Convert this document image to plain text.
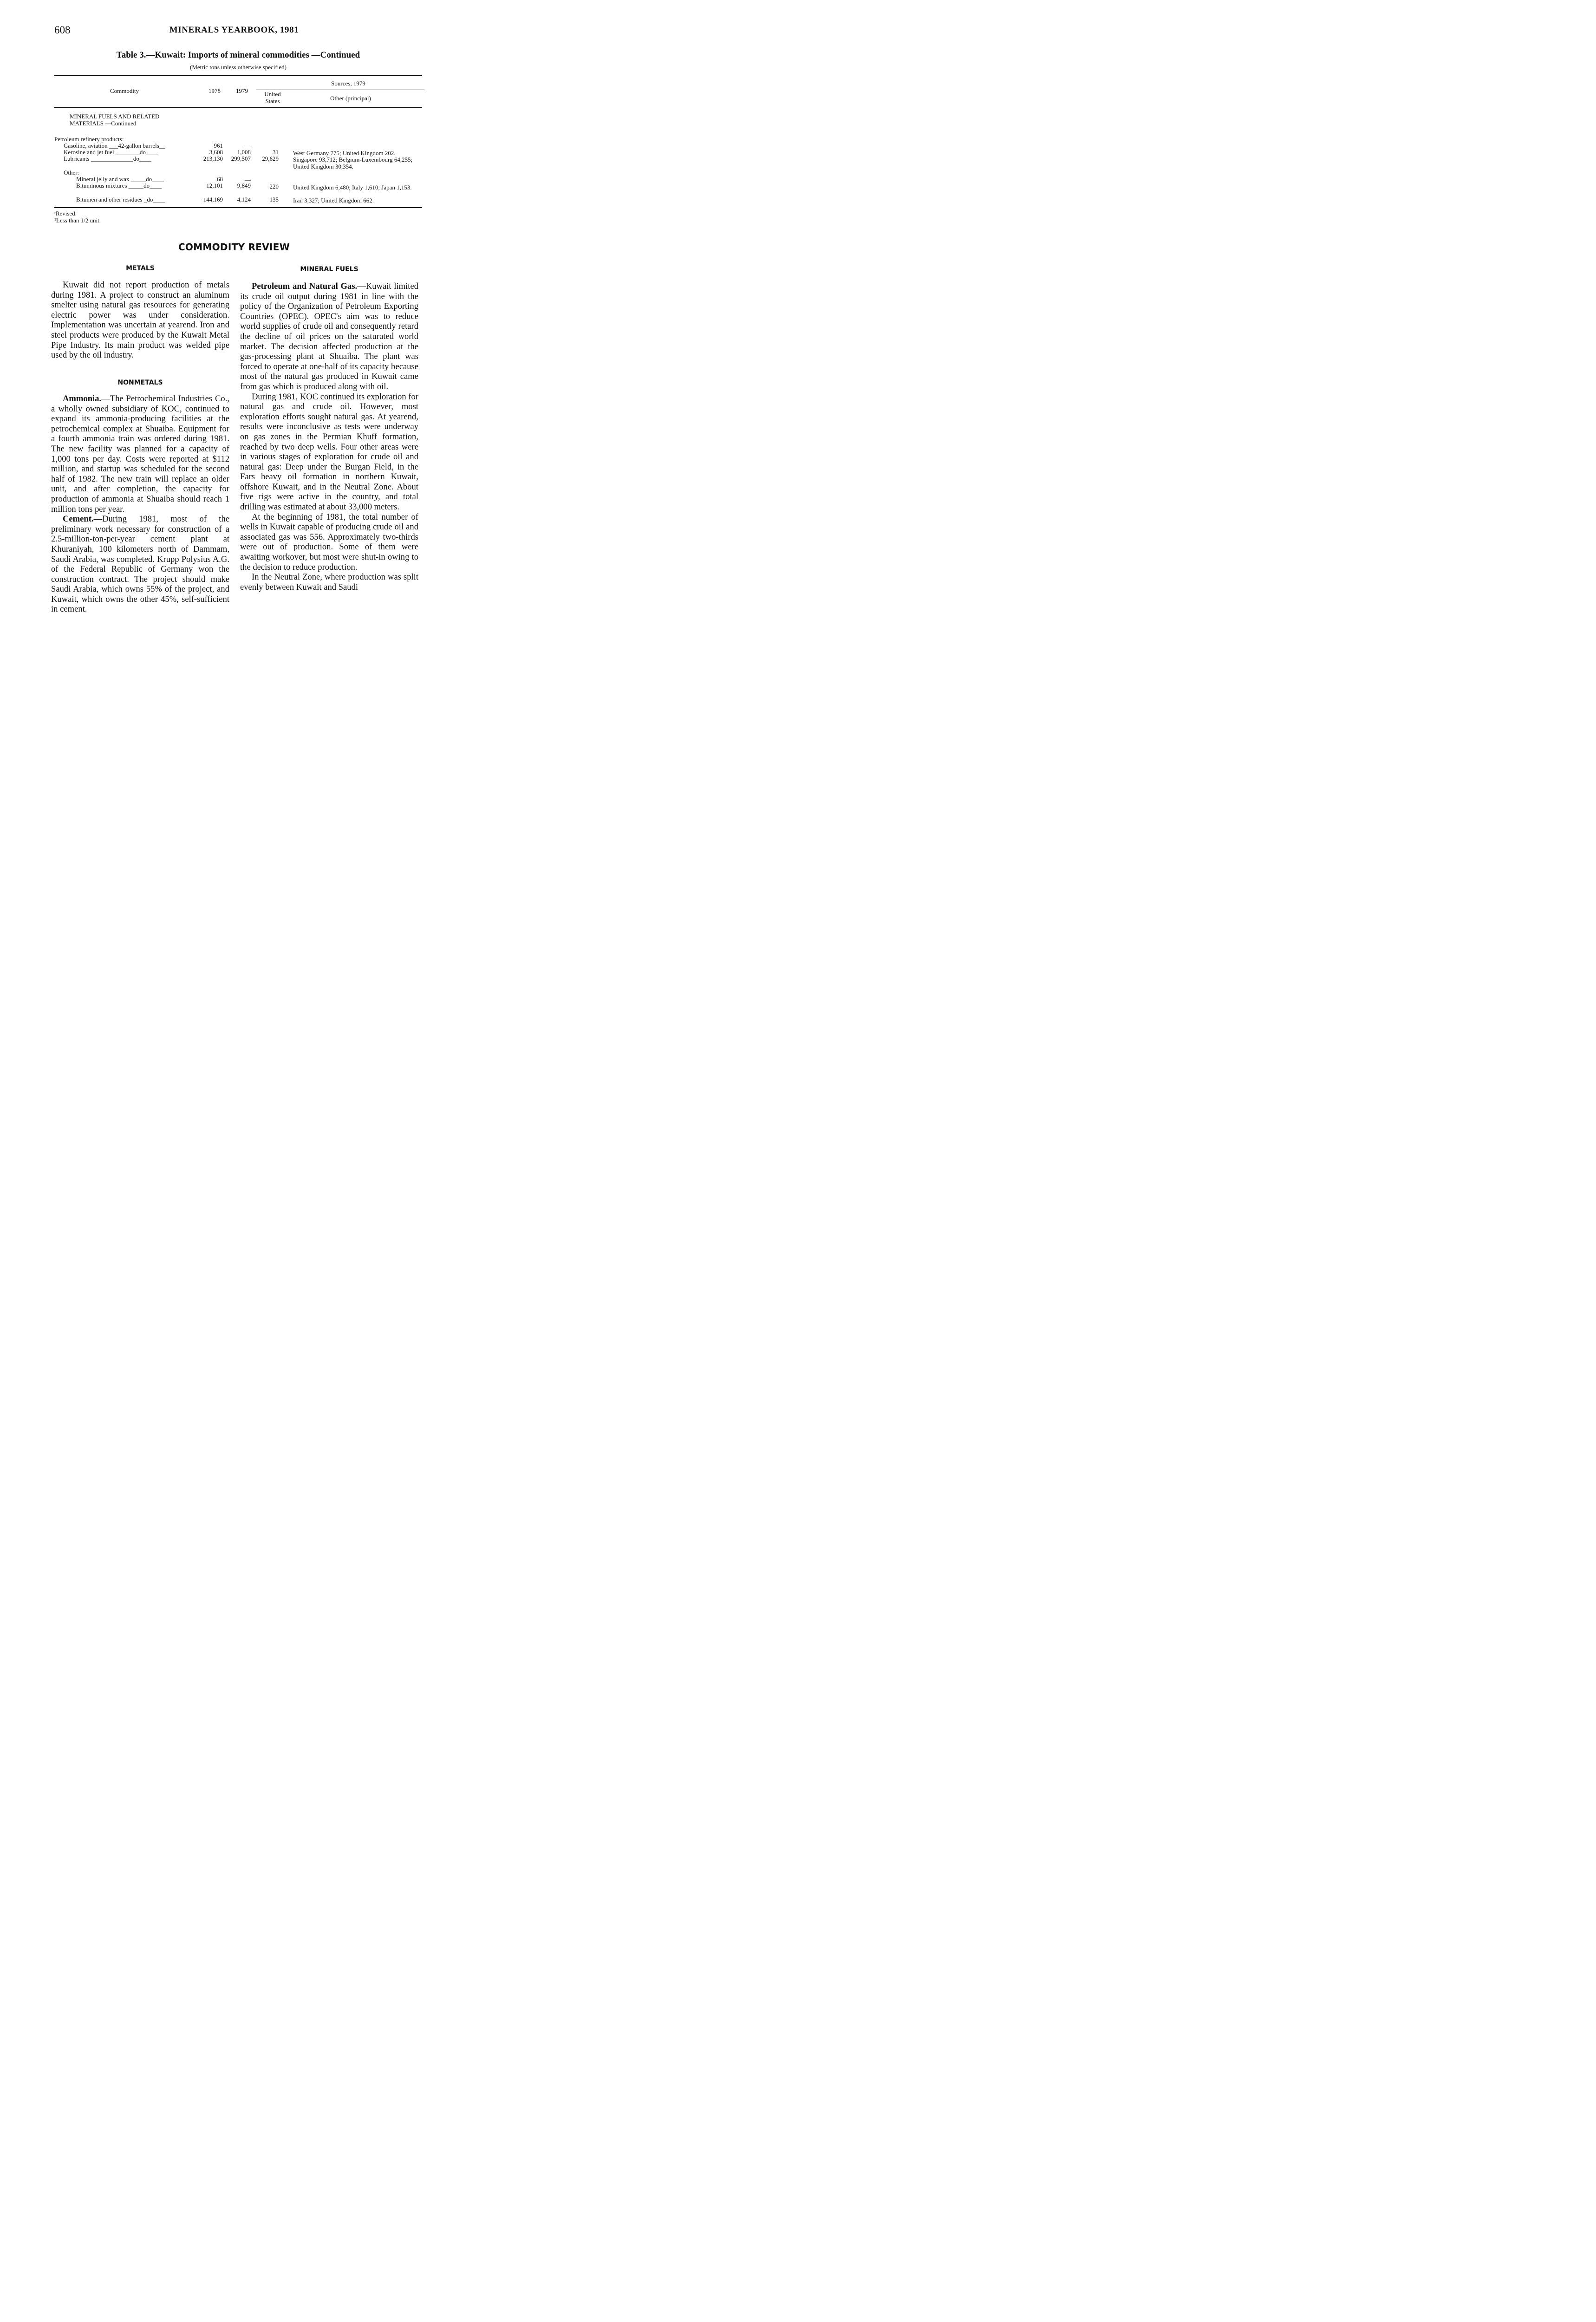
608	MINERALS YEARBOOK, 1981
Table 3.—Kuwait: Imports of mineral commodities —Continued
(Metric tons unless otherwise specified)
Commodity	1978	1979
Sources, 1979
United States	Other (principal)
MINERAL FUELS AND RELATED MATERIALS —Continued
Petroleum refinery products:
Gasoline, aviation ___42-gallon barrels__	961	__
Kerosine and jet fuel ________do____	3,608	1,008	31 West Germany 775; United Kingdom 202.
Lubricants ______________do____	213,130	299,507	29,629 Singapore 93,712; Belgium-Luxembourg 64,255; United Kingdom 30,354.
Other:
Mineral jelly and wax _____do____	68	__
Bituminous mixtures _____do____	12,101	9,849	220 United Kingdom 6,480; Italy 1,610; Japan 1,153.
Bitumen and other residues _do____	144,169	4,124	135 Iran 3,327; United Kingdom 662.
ʳRevised.
¹Less than 1/2 unit.
COMMODITY REVIEW
METALS	MINERAL FUELS

Kuwait did not report production of metals during 1981. A project to construct an aluminum smelter using natural gas resources for generating electric power was under consideration. Implementation was uncertain at yearend. Iron and steel products were produced by the Kuwait Metal Pipe Industry. Its main product was welded pipe used by the oil industry.

NONMETALS

Ammonia.—The Petrochemical Industries Co., a wholly owned subsidiary of KOC, continued to expand its ammonia-producing facilities at the petrochemical complex at Shuaiba. Equipment for a fourth ammonia train was ordered during 1981. The new facility was planned for a capacity of 1,000 tons per day. Costs were reported at $112 million, and startup was scheduled for the second half of 1982. The new train will replace an older unit, and after completion, the capacity for production of ammonia at Shuaiba should reach 1 million tons per year.

Cement.—During 1981, most of the preliminary work necessary for construction of a 2.5-million-ton-per-year cement plant at Khuraniyah, 100 kilometers north of Dammam, Saudi Arabia, was completed. Krupp Polysius A.G. of the Federal Republic of Germany won the construction contract. The project should make Saudi Arabia, which owns 55% of the project, and Kuwait, which owns the other 45%, self-sufficient in cement.

Petroleum and Natural Gas.—Kuwait limited its crude oil output during 1981 in line with the policy of the Organization of Petroleum Exporting Countries (OPEC). OPEC's aim was to reduce world supplies of crude oil and consequently retard the decline of oil prices on the saturated world market. The decision affected production at the gas-processing plant at Shuaiba. The plant was forced to operate at one-half of its capacity because most of the natural gas produced in Kuwait came from gas which is produced along with oil.

During 1981, KOC continued its exploration for natural gas and crude oil. However, most exploration efforts sought natural gas. At yearend, results were inconclusive as tests were underway on gas zones in the Permian Khuff formation, reached by two deep wells. Four other areas were in various stages of exploration for crude oil and natural gas: Deep under the Burgan Field, in the Fars heavy oil formation in northern Kuwait, offshore Kuwait, and in the Neutral Zone. About five rigs were active in the country, and total drilling was estimated at about 33,000 meters.

At the beginning of 1981, the total number of wells in Kuwait capable of producing crude oil and associated gas was 556. Approximately two-thirds were out of production. Some of them were awaiting workover, but most were shut-in owing to the decision to reduce production.

In the Neutral Zone, where production was split evenly between Kuwait and Saudi
